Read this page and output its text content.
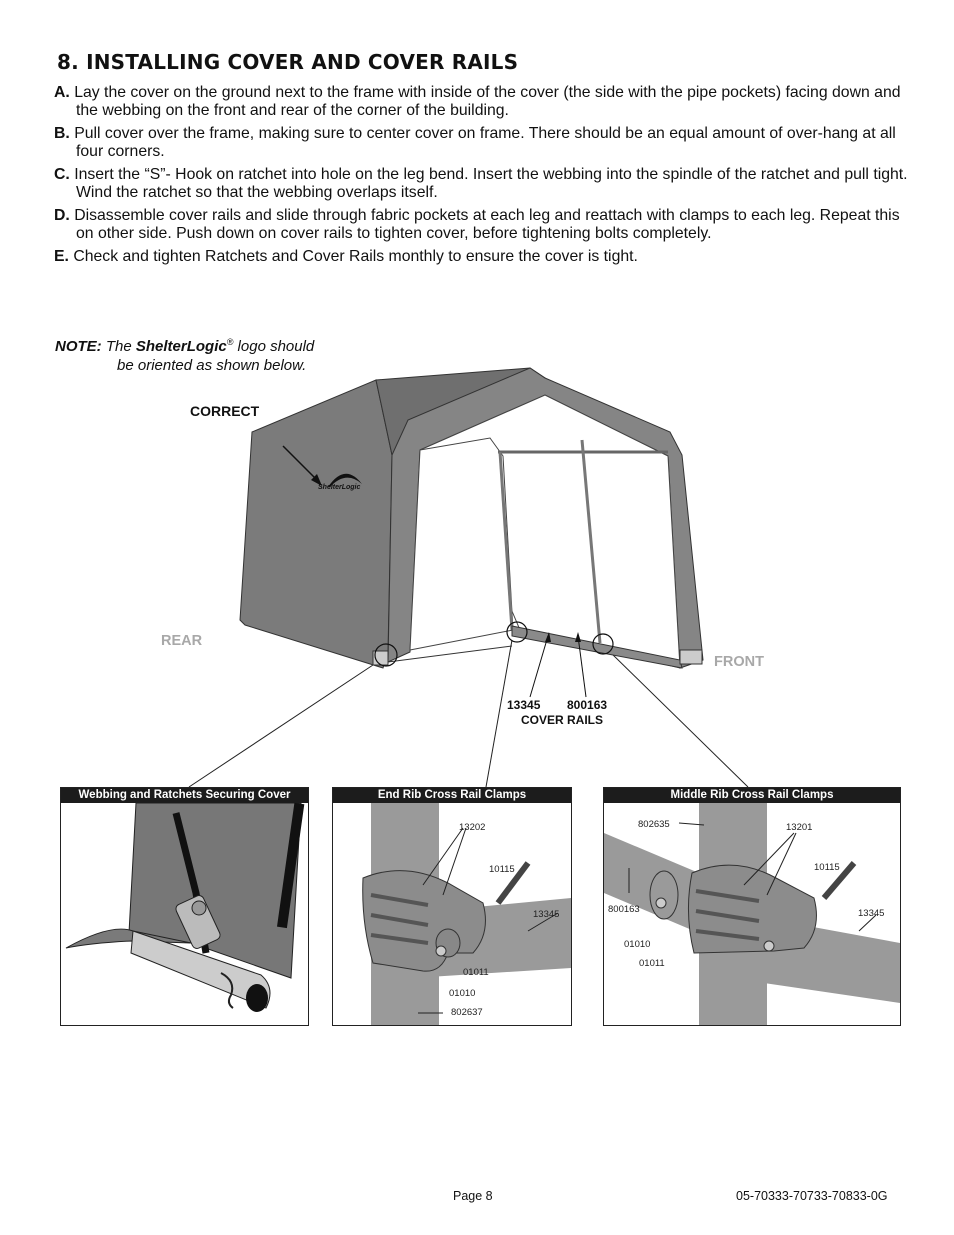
8. INSTALLING COVER AND COVER RAILS

A. Lay the cover on the ground next to the frame with inside of the cover (the side with the pipe pockets) facing down and the webbing on the front and rear of the corner of the building.

B. Pull cover over the frame, making sure to center cover on frame. There should be an equal amount of over-hang at all four corners.

C. Insert the “S”- Hook on ratchet into hole on the leg bend. Insert the webbing into the spindle of the ratchet and pull tight. Wind the ratchet so that the webbing overlaps itself.

D. Disassemble cover rails and slide through fabric pockets at each leg and reattach with clamps to each leg. Repeat this on other side. Push down on cover rails to tighten cover, before tightening bolts completely.

E. Check and tighten Ratchets and Cover Rails monthly to ensure the cover is tight.

NOTE: The ShelterLogic® logo should
be oriented as shown below.
CORRECT
ShelterLogic
REAR
FRONT
13345 800163
COVER RAILS
Webbing and Ratchets Securing Cover	End Rib Cross Rail Clamps
13202
10115
13345
01011
01010
802637
Middle Rib Cross Rail Clamps
802635	13201
10115
800163	13345
01010
01011
Page 8	05-70333-70733-70833-0G
